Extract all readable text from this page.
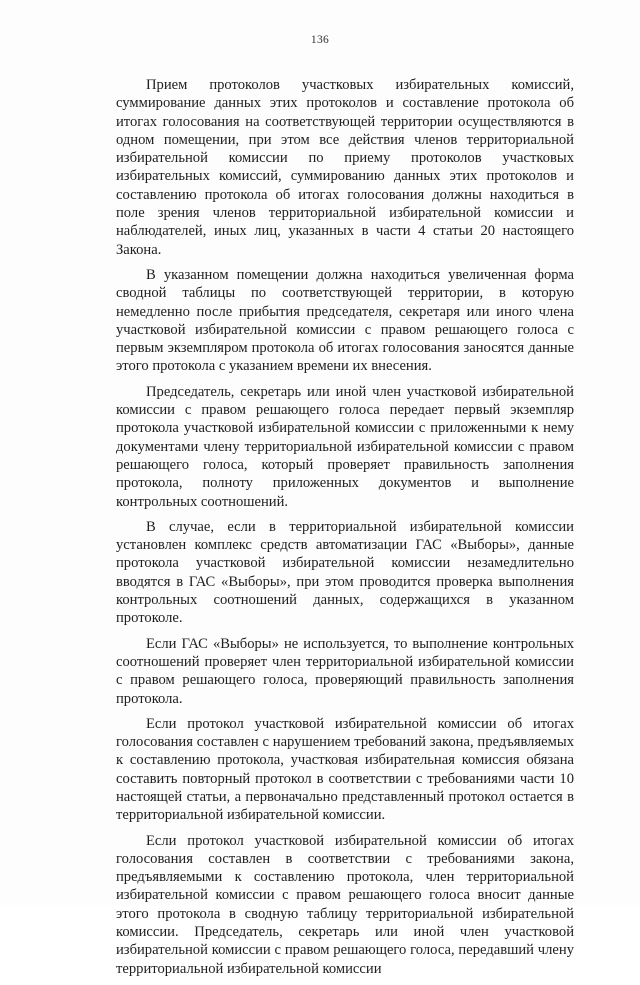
136

Прием протоколов участковых избирательных комиссий, суммирование данных этих протоколов и составление протокола об итогах голосования на соответствующей территории осуществляются в одном помещении, при этом все действия членов территориальной избирательной комиссии по приему протоколов участковых избирательных комиссий, суммированию данных этих протоколов и составлению протокола об итогах голосования должны находиться в поле зрения членов территориальной избирательной комиссии и наблюдателей, иных лиц, указанных в части 4 статьи 20 настоящего Закона.

В указанном помещении должна находиться увеличенная форма сводной таблицы по соответствующей территории, в которую немедленно после прибытия председателя, секретаря или иного члена участковой избирательной комиссии с правом решающего голоса с первым экземпляром протокола об итогах голосования заносятся данные этого протокола с указанием времени их внесения.

Председатель, секретарь или иной член участковой избирательной комиссии с правом решающего голоса передает первый экземпляр протокола участковой избирательной комиссии с приложенными к нему документами члену территориальной избирательной комиссии с правом решающего голоса, который проверяет правильность заполнения протокола, полноту приложенных документов и выполнение контрольных соотношений.

В случае, если в территориальной избирательной комиссии установлен комплекс средств автоматизации ГАС «Выборы», данные протокола участковой избирательной комиссии незамедлительно вводятся в ГАС «Выборы», при этом проводится проверка выполнения контрольных соотношений данных, содержащихся в указанном протоколе.

Если ГАС «Выборы» не используется, то выполнение контрольных соотношений проверяет член территориальной избирательной комиссии с правом решающего голоса, проверяющий правильность заполнения протокола.

Если протокол участковой избирательной комиссии об итогах голосования составлен с нарушением требований закона, предъявляемых к составлению протокола, участковая избирательная комиссия обязана составить повторный протокол в соответствии с требованиями части 10 настоящей статьи, а первоначально представленный протокол остается в территориальной избирательной комиссии.

Если протокол участковой избирательной комиссии об итогах голосования составлен в соответствии с требованиями закона, предъявляемыми к составлению протокола, член территориальной избирательной комиссии с правом решающего голоса вносит данные этого протокола в сводную таблицу территориальной избирательной комиссии. Председатель, секретарь или иной член участковой избирательной комиссии с правом решающего голоса, передавший члену территориальной избирательной комиссии
